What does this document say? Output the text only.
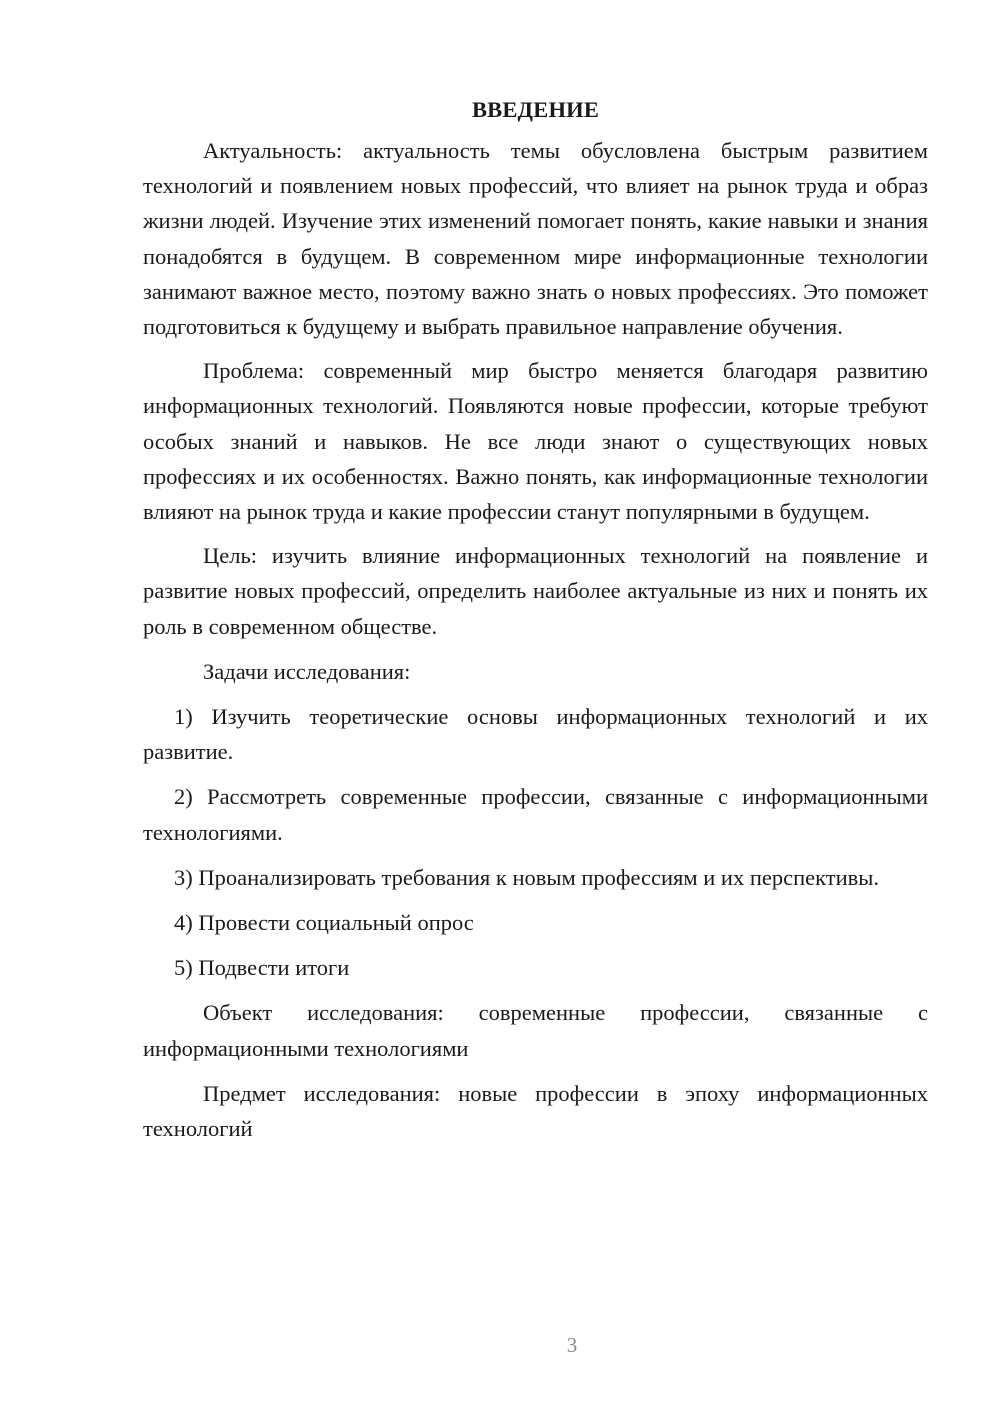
ВВЕДЕНИЕ

Актуальность: актуальность темы обусловлена быстрым развитием технологий и появлением новых профессий, что влияет на рынок труда и образ жизни людей. Изучение этих изменений помогает понять, какие навыки и знания понадобятся в будущем. В современном мире информационные технологии занимают важное место, поэтому важно знать о новых профессиях. Это поможет подготовиться к будущему и выбрать правильное направление обучения.

Проблема: современный мир быстро меняется благодаря развитию информационных технологий. Появляются новые профессии, которые требуют особых знаний и навыков. Не все люди знают о существующих новых профессиях и их особенностях. Важно понять, как информационные технологии влияют на рынок труда и какие профессии станут популярными в будущем.

Цель: изучить влияние информационных технологий на появление и развитие новых профессий, определить наиболее актуальные из них и понять их роль в современном обществе.

Задачи исследования:

1) Изучить теоретические основы информационных технологий и их развитие.

2) Рассмотреть современные профессии, связанные с информационными технологиями.

3) Проанализировать требования к новым профессиям и их перспективы.

4) Провести социальный опрос

5) Подвести итоги

Объект исследования: современные профессии, связанные с информационными технологиями

Предмет исследования: новые профессии в эпоху информационных технологий

3
